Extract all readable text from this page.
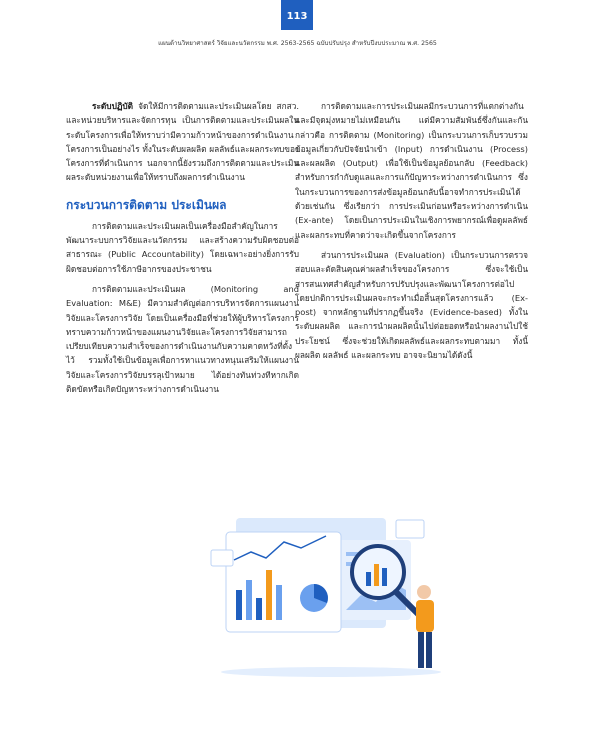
113
แผนด้านวิทยาศาสตร์ วิจัยและนวัตกรรม พ.ศ. 2563-2565 ฉบับปรับปรุง สำหรับปีงบประมาณ พ.ศ. 2565

ระดับปฏิบัติ จัดให้มีการติดตามและประเมินผลโดย สกสว. และหน่วยบริหารและจัดการทุน เป็นการติดตามและประเมินผลในระดับโครงการเพื่อให้ทราบว่ามีความก้าวหน้าของการดำเนินงานโครงการเป็นอย่างไร ทั้งในระดับผลผลิต ผลลัพธ์และผลกระทบของโครงการที่ดำเนินการ นอกจากนี้ยังรวมถึงการติดตามและประเมินผลระดับหน่วยงานเพื่อให้ทราบถึงผลการดำเนินงาน

กระบวนการติดตาม ประเมินผล

การติดตามและประเมินผลเป็นเครื่องมือสำคัญในการพัฒนาระบบการวิจัยและนวัตกรรม และสร้างความรับผิดชอบต่อสาธารณะ (Public Accountability) โดยเฉพาะอย่างยิ่งการรับผิดชอบต่อการใช้ภาษีอากรของประชาชน

การติดตามและประเมินผล (Monitoring and Evaluation: M&E) มีความสำคัญต่อการบริหารจัดการแผนงานวิจัยและโครงการวิจัย โดยเป็นเครื่องมือที่ช่วยให้ผู้บริหารโครงการทราบความก้าวหน้าของแผนงานวิจัยและโครงการวิจัยสามารถเปรียบเทียบความสำเร็จของการดำเนินงานกับความคาดหวังที่ตั้งไว้ รวมทั้งใช้เป็นข้อมูลเพื่อการหาแนวทางหนุนเสริมให้แผนงานวิจัยและโครงการวิจัยบรรลุเป้าหมาย ได้อย่างทันท่วงทีหากเกิดติดขัดหรือเกิดปัญหาระหว่างการดำเนินงาน

การติดตามและการประเมินผลมีกระบวนการที่แตกต่างกันและมีจุดมุ่งหมายไม่เหมือนกัน แต่มีความสัมพันธ์ซึ่งกันและกัน กล่าวคือ การติดตาม (Monitoring) เป็นกระบวนการเก็บรวบรวมข้อมูลเกี่ยวกับปัจจัยนำเข้า (Input) การดำเนินงาน (Process) และผลผลิต (Output) เพื่อใช้เป็นข้อมูลย้อนกลับ (Feedback) สำหรับการกำกับดูแลและการแก้ปัญหาระหว่างการดำเนินการ ซึ่งในกระบวนการของการส่งข้อมูลย้อนกลับนี้อาจทำการประเมินได้ด้วยเช่นกัน ซึ่งเรียกว่า การประเมินก่อนหรือระหว่างการดำเนิน (Ex-ante) โดยเป็นการประเมินในเชิงการพยากรณ์เพื่อดูผลลัพธ์และผลกระทบที่คาดว่าจะเกิดขึ้นจากโครงการ

ส่วนการประเมินผล (Evaluation) เป็นกระบวนการตรวจสอบและตัดสินคุณค่าผลสำเร็จของโครงการ ซึ่งจะใช้เป็นสารสนเทศสำคัญสำหรับการปรับปรุงและพัฒนาโครงการต่อไป โดยปกติการประเมินผลจะกระทำเมื่อสิ้นสุดโครงการแล้ว (Ex-post) จากหลักฐานที่ปรากฏขึ้นจริง (Evidence-based) ทั้งในระดับผลผลิต และการนำผลผลิตนั้นไปต่อยอดหรือนำผลงานไปใช้ประโยชน์ ซึ่งจะช่วยให้เกิดผลลัพธ์และผลกระทบตามมา ทั้งนี้ ผลผลิต ผลลัพธ์ และผลกระทบ อาจจะนิยามได้ดังนี้
